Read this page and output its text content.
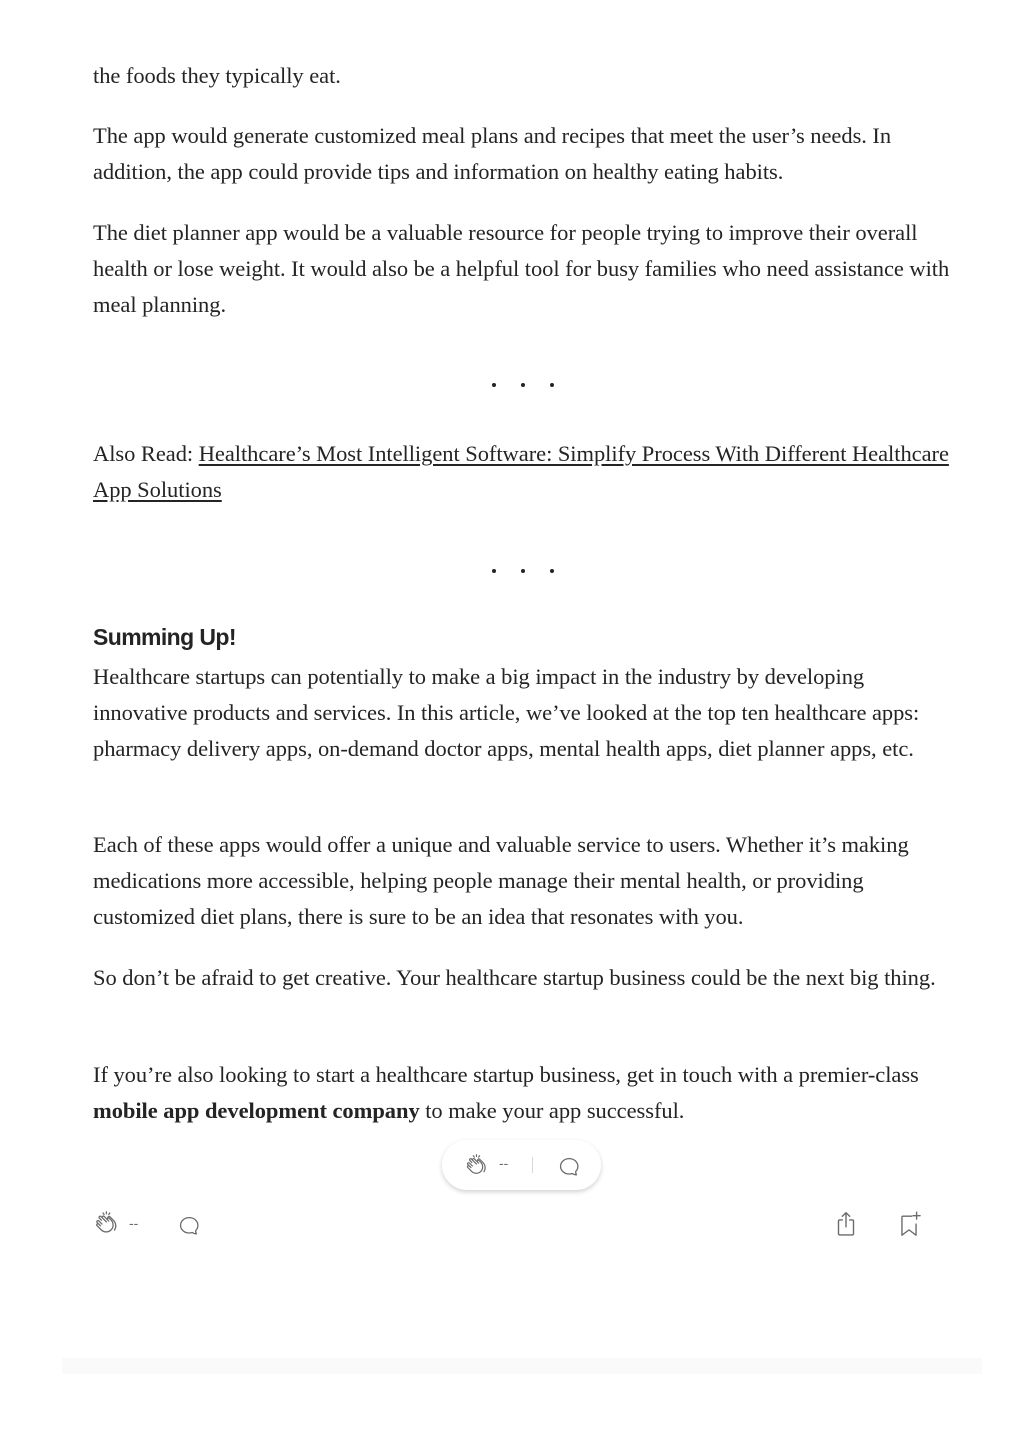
the foods they typically eat.

The app would generate customized meal plans and recipes that meet the user’s needs. In addition, the app could provide tips and information on healthy eating habits.

The diet planner app would be a valuable resource for people trying to improve their overall health or lose weight. It would also be a helpful tool for busy families who need assistance with meal planning.

Also Read: Healthcare’s Most Intelligent Software: Simplify Process With Different Healthcare App Solutions

Summing Up!

Healthcare startups can potentially to make a big impact in the industry by developing innovative products and services. In this article, we’ve looked at the top ten healthcare apps: pharmacy delivery apps, on-demand doctor apps, mental health apps, diet planner apps, etc.

Each of these apps would offer a unique and valuable service to users. Whether it’s making medications more accessible, helping people manage their mental health, or providing customized diet plans, there is sure to be an idea that resonates with you.

So don’t be afraid to get creative. Your healthcare startup business could be the next big thing.

If you’re also looking to start a healthcare startup business, get in touch with a premier-class mobile app development company to make your app successful.

--
--
